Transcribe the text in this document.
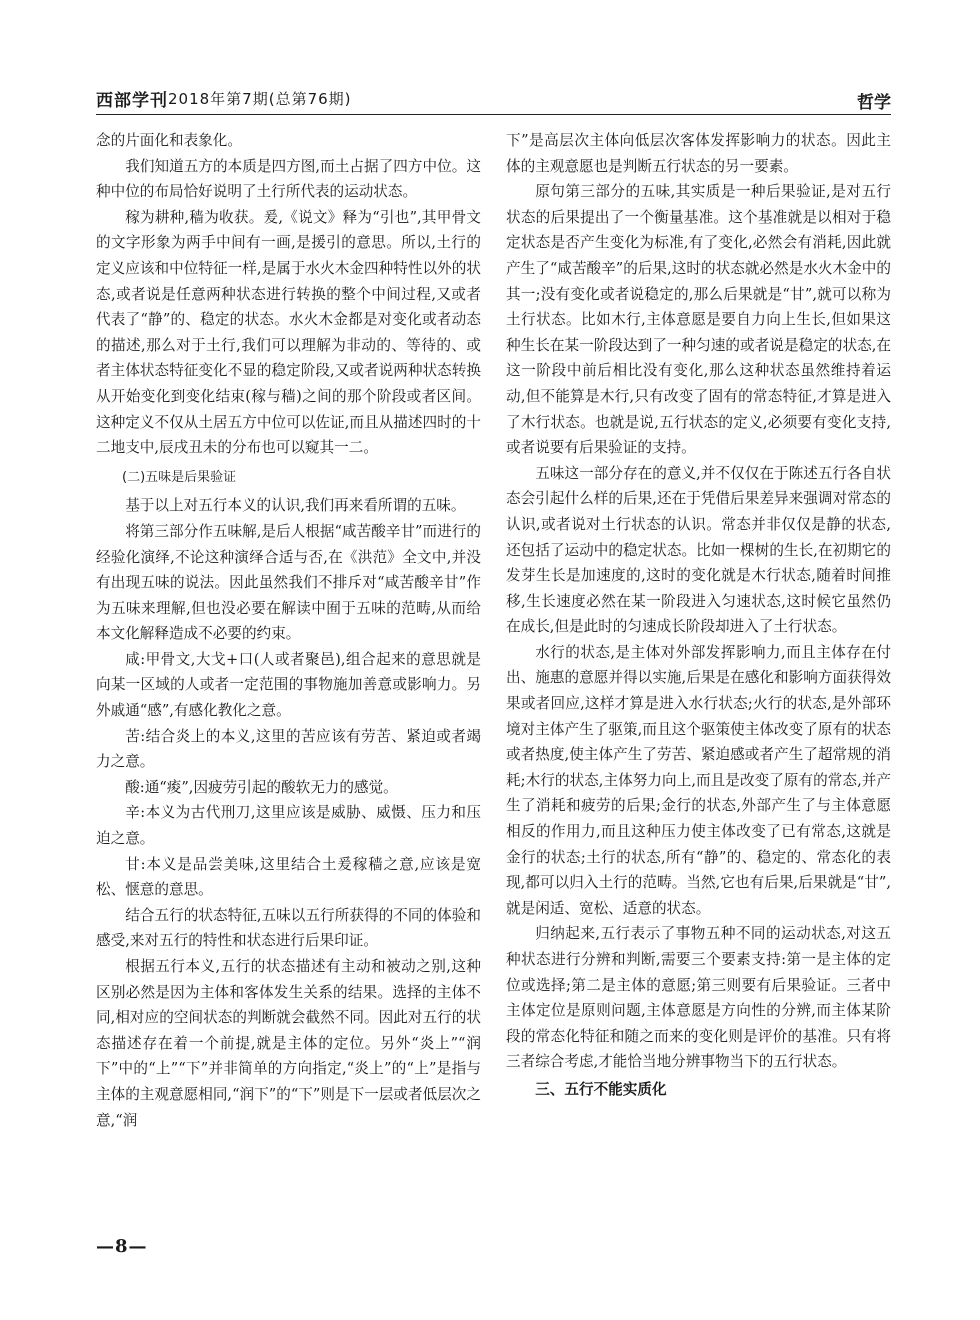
西部学刊 2018年第7期(总第76期)	哲学

念的片面化和表象化。

我们知道五方的本质是四方图,而土占据了四方中位。这种中位的布局恰好说明了土行所代表的运动状态。

稼为耕种,穑为收获。爰,《说文》释为“引也”,其甲骨文的文字形象为两手中间有一画,是援引的意思。所以,土行的定义应该和中位特征一样,是属于水火木金四种特性以外的状态,或者说是任意两种状态进行转换的整个中间过程,又或者代表了“静”的、稳定的状态。水火木金都是对变化或者动态的描述,那么对于土行,我们可以理解为非动的、等待的、或者主体状态特征变化不显的稳定阶段,又或者说两种状态转换从开始变化到变化结束(稼与穑)之间的那个阶段或者区间。这种定义不仅从土居五方中位可以佐证,而且从描述四时的十二地支中,辰戌丑未的分布也可以窥其一二。

(二)五味是后果验证

基于以上对五行本义的认识,我们再来看所谓的五味。

将第三部分作五味解,是后人根据“咸苦酸辛甘”而进行的经验化演绎,不论这种演绎合适与否,在《洪范》全文中,并没有出现五味的说法。因此虽然我们不排斥对“咸苦酸辛甘”作为五味来理解,但也没必要在解读中囿于五味的范畴,从而给本文化解释造成不必要的约束。

咸:甲骨文,大戈+口(人或者聚邑),组合起来的意思就是向某一区域的人或者一定范围的事物施加善意或影响力。另外戚通“感”,有感化教化之意。

苦:结合炎上的本义,这里的苦应该有劳苦、紧迫或者竭力之意。

酸:通“痠”,因疲劳引起的酸软无力的感觉。

辛:本义为古代刑刀,这里应该是威胁、威慑、压力和压迫之意。

甘:本义是品尝美味,这里结合土爰稼穑之意,应该是宽松、惬意的意思。

结合五行的状态特征,五味以五行所获得的不同的体验和感受,来对五行的特性和状态进行后果印证。

根据五行本义,五行的状态描述有主动和被动之别,这种区别必然是因为主体和客体发生关系的结果。选择的主体不同,相对应的空间状态的判断就会截然不同。因此对五行的状态描述存在着一个前提,就是主体的定位。另外“炎上”“润下”中的“上”“下”并非简单的方向指定,“炎上”的“上”是指与主体的主观意愿相同,“润下”的“下”则是下一层或者低层次之意,“润

下”是高层次主体向低层次客体发挥影响力的状态。因此主体的主观意愿也是判断五行状态的另一要素。

原句第三部分的五味,其实质是一种后果验证,是对五行状态的后果提出了一个衡量基准。这个基准就是以相对于稳定状态是否产生变化为标准,有了变化,必然会有消耗,因此就产生了“咸苦酸辛”的后果,这时的状态就必然是水火木金中的其一;没有变化或者说稳定的,那么后果就是“甘”,就可以称为土行状态。比如木行,主体意愿是要自力向上生长,但如果这种生长在某一阶段达到了一种匀速的或者说是稳定的状态,在这一阶段中前后相比没有变化,那么这种状态虽然维持着运动,但不能算是木行,只有改变了固有的常态特征,才算是进入了木行状态。也就是说,五行状态的定义,必须要有变化支持,或者说要有后果验证的支持。

五味这一部分存在的意义,并不仅仅在于陈述五行各自状态会引起什么样的后果,还在于凭借后果差异来强调对常态的认识,或者说对土行状态的认识。常态并非仅仅是静的状态,还包括了运动中的稳定状态。比如一棵树的生长,在初期它的发芽生长是加速度的,这时的变化就是木行状态,随着时间推移,生长速度必然在某一阶段进入匀速状态,这时候它虽然仍在成长,但是此时的匀速成长阶段却进入了土行状态。

水行的状态,是主体对外部发挥影响力,而且主体存在付出、施惠的意愿并得以实施,后果是在感化和影响方面获得效果或者回应,这样才算是进入水行状态;火行的状态,是外部环境对主体产生了驱策,而且这个驱策使主体改变了原有的状态或者热度,使主体产生了劳苦、紧迫感或者产生了超常规的消耗;木行的状态,主体努力向上,而且是改变了原有的常态,并产生了消耗和疲劳的后果;金行的状态,外部产生了与主体意愿相反的作用力,而且这种压力使主体改变了已有常态,这就是金行的状态;土行的状态,所有“静”的、稳定的、常态化的表现,都可以归入土行的范畴。当然,它也有后果,后果就是“甘”,就是闲适、宽松、适意的状态。

归纳起来,五行表示了事物五种不同的运动状态,对这五种状态进行分辨和判断,需要三个要素支持:第一是主体的定位或选择;第二是主体的意愿;第三则要有后果验证。三者中主体定位是原则问题,主体意愿是方向性的分辨,而主体某阶段的常态化特征和随之而来的变化则是评价的基准。只有将三者综合考虑,才能恰当地分辨事物当下的五行状态。

三、五行不能实质化

—8—
